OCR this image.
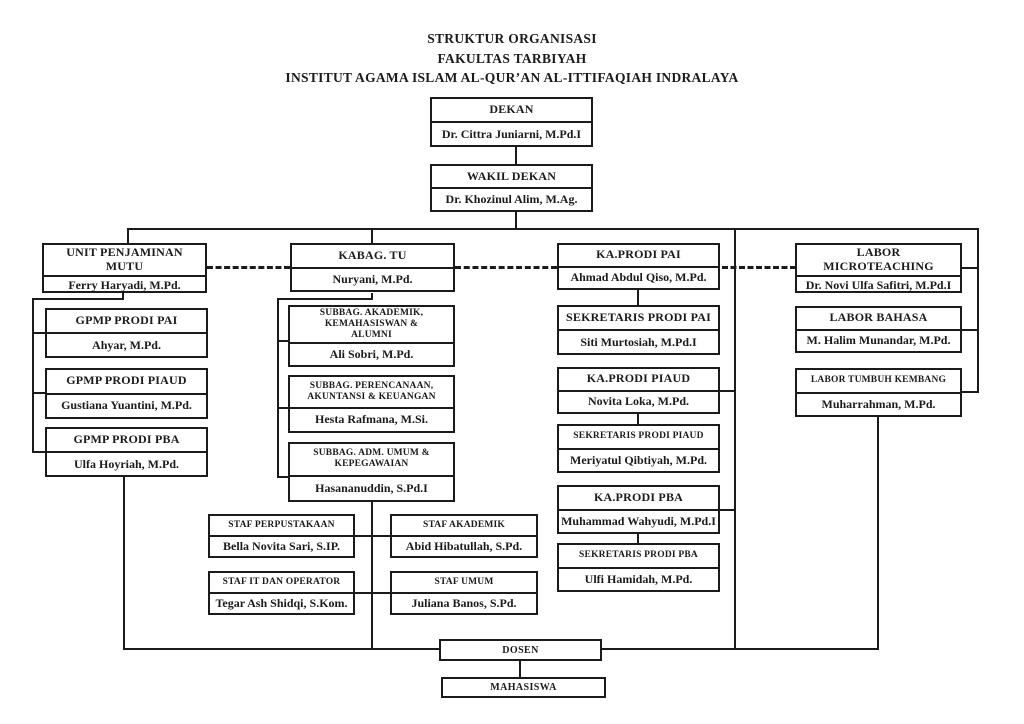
STRUKTUR ORGANISASI
FAKULTAS TARBIYAH
INSTITUT AGAMA ISLAM AL-QUR’AN AL-ITTIFAQIAH INDRALAYA
DEKAN
Dr. Cittra Juniarni, M.Pd.I
WAKIL DEKAN
Dr. Khozinul Alim, M.Ag.
UNIT PENJAMINAN MUTU
Ferry Haryadi, M.Pd.
KABAG. TU
Nuryani, M.Pd.
KA.PRODI PAI
Ahmad Abdul Qiso, M.Pd.
LABOR MICROTEACHING
Dr. Novi Ulfa Safitri, M.Pd.I
GPMP PRODI PAI
Ahyar, M.Pd.
GPMP PRODI PIAUD
Gustiana Yuantini, M.Pd.
GPMP PRODI PBA
Ulfa Hoyriah, M.Pd.
SUBBAG. AKADEMIK, KEMAHASISWAN & ALUMNI
Ali Sobri, M.Pd.
SUBBAG. PERENCANAAN, AKUNTANSI & KEUANGAN
Hesta Rafmana, M.Si.
SUBBAG. ADM. UMUM & KEPEGAWAIAN
Hasananuddin, S.Pd.I
SEKRETARIS PRODI PAI
Siti Murtosiah, M.Pd.I
KA.PRODI PIAUD
Novita Loka, M.Pd.
SEKRETARIS PRODI PIAUD
Meriyatul Qibtiyah, M.Pd.
KA.PRODI PBA
Muhammad Wahyudi, M.Pd.I
SEKRETARIS PRODI PBA
Ulfi Hamidah, M.Pd.
LABOR BAHASA
M. Halim Munandar, M.Pd.
LABOR TUMBUH KEMBANG
Muharrahman, M.Pd.
STAF PERPUSTAKAAN
Bella Novita Sari, S.IP.
STAF AKADEMIK
Abid Hibatullah, S.Pd.
STAF IT DAN OPERATOR
Tegar Ash Shidqi, S.Kom.
STAF UMUM
Juliana Banos, S.Pd.
DOSEN
MAHASISWA
